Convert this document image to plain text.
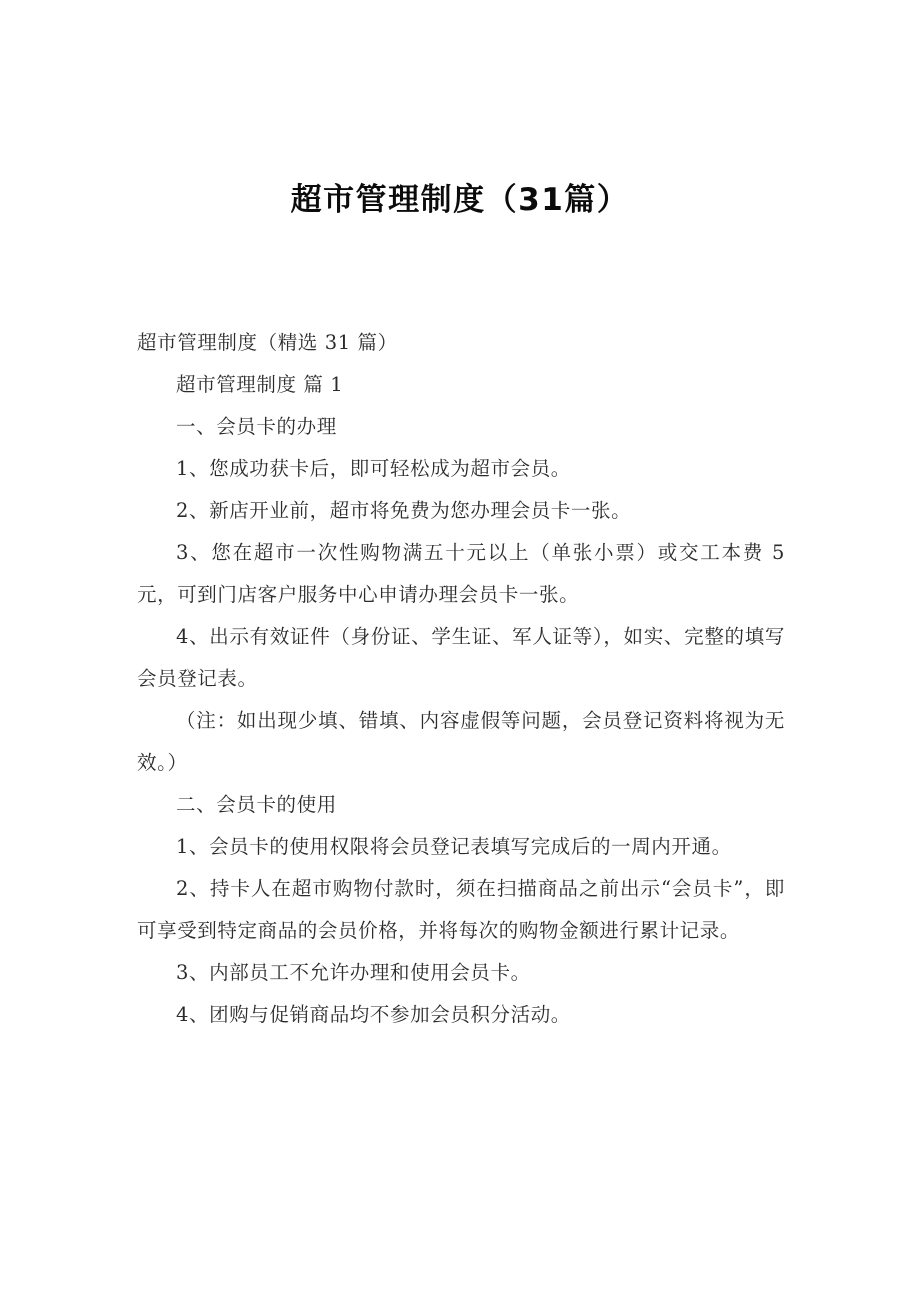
超市管理制度（31篇）

超市管理制度（精选 31 篇）

超市管理制度 篇 1

一、会员卡的办理

1、您成功获卡后，即可轻松成为超市会员。

2、新店开业前，超市将免费为您办理会员卡一张。

3、您在超市一次性购物满五十元以上（单张小票）或交工本费 5 元，可到门店客户服务中心申请办理会员卡一张。

4、出示有效证件（身份证、学生证、军人证等），如实、完整的填写会员登记表。

（注：如出现少填、错填、内容虚假等问题，会员登记资料将视为无效。）

二、会员卡的使用

1、会员卡的使用权限将会员登记表填写完成后的一周内开通。

2、持卡人在超市购物付款时，须在扫描商品之前出示“会员卡”，即可享受到特定商品的会员价格，并将每次的购物金额进行累计记录。

3、内部员工不允许办理和使用会员卡。

4、团购与促销商品均不参加会员积分活动。
